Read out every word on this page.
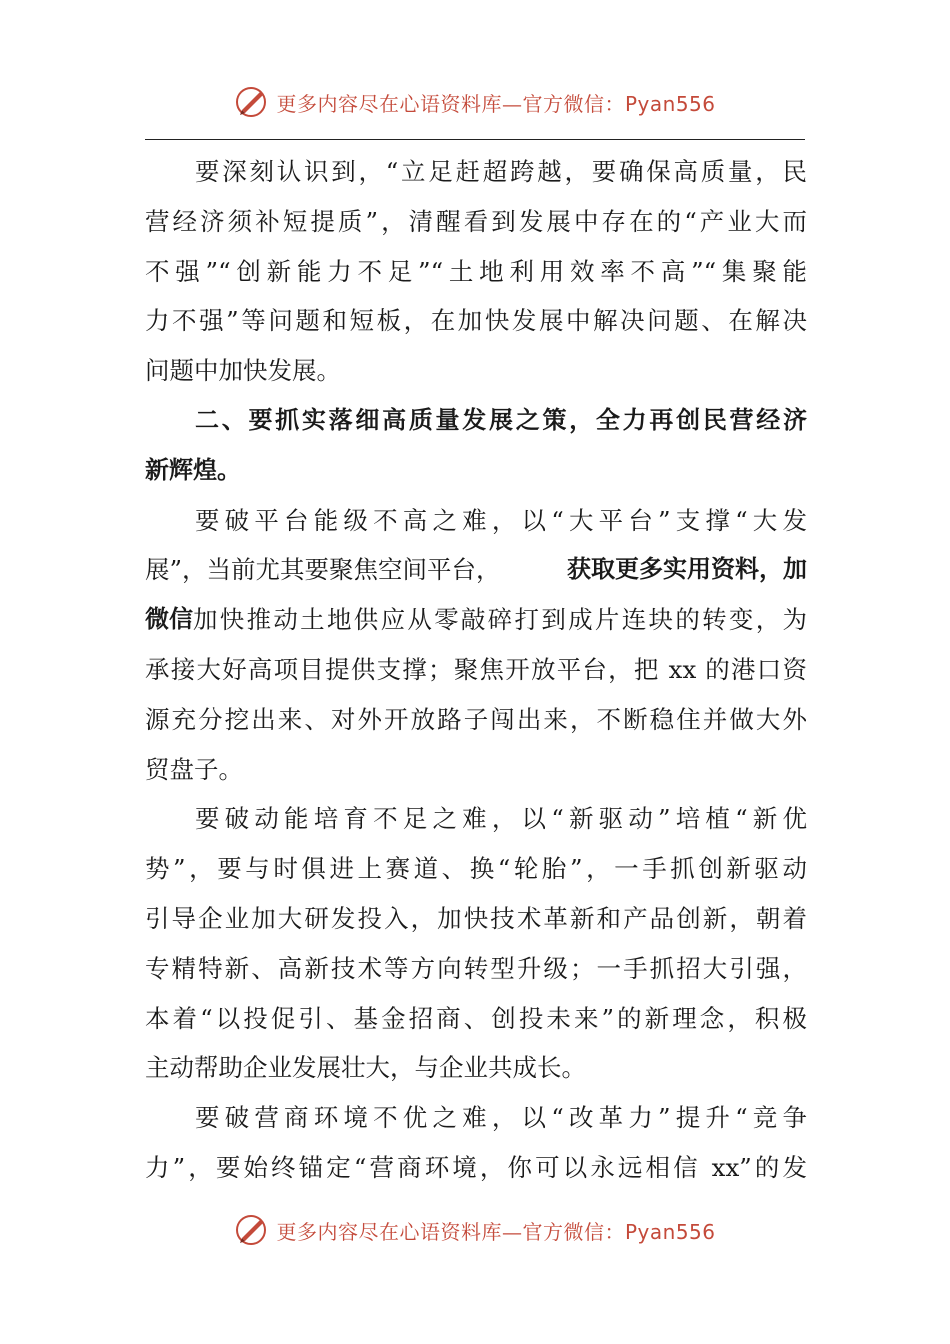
更多内容尽在心语资料库—官方微信：Pyan556
要深刻认识到，“立足赶超跨越，要确保高质量，民
营经济须补短提质”，清醒看到发展中存在的“产业大而
不强”“创新能力不足”“土地利用效率不高”“集聚能
力不强”等问题和短板，在加快发展中解决问题、在解决
问题中加快发展。
二、要抓实落细高质量发展之策，全力再创民营经济
新辉煌。
要破平台能级不高之难，以“大平台”支撑“大发
展”，当前尤其要聚焦空间平台，	获取更多实用资料，加
微信 加快推动土地供应从零敲碎打到成片连块的转变，为
承接大好高项目提供支撑；聚焦开放平台，把 xx 的港口资
源充分挖出来、对外开放路子闯出来，不断稳住并做大外
贸盘子。
要破动能培育不足之难，以“新驱动”培植“新优
势”，要与时俱进上赛道、换“轮胎”，一手抓创新驱动
引导企业加大研发投入，加快技术革新和产品创新，朝着
专精特新、高新技术等方向转型升级；一手抓招大引强，
本着“以投促引、基金招商、创投未来”的新理念，积极
主动帮助企业发展壮大，与企业共成长。
要破营商环境不优之难，以“改革力”提升“竞争
力”，要始终锚定“营商环境，你可以永远相信 xx”的发
更多内容尽在心语资料库—官方微信：Pyan556
